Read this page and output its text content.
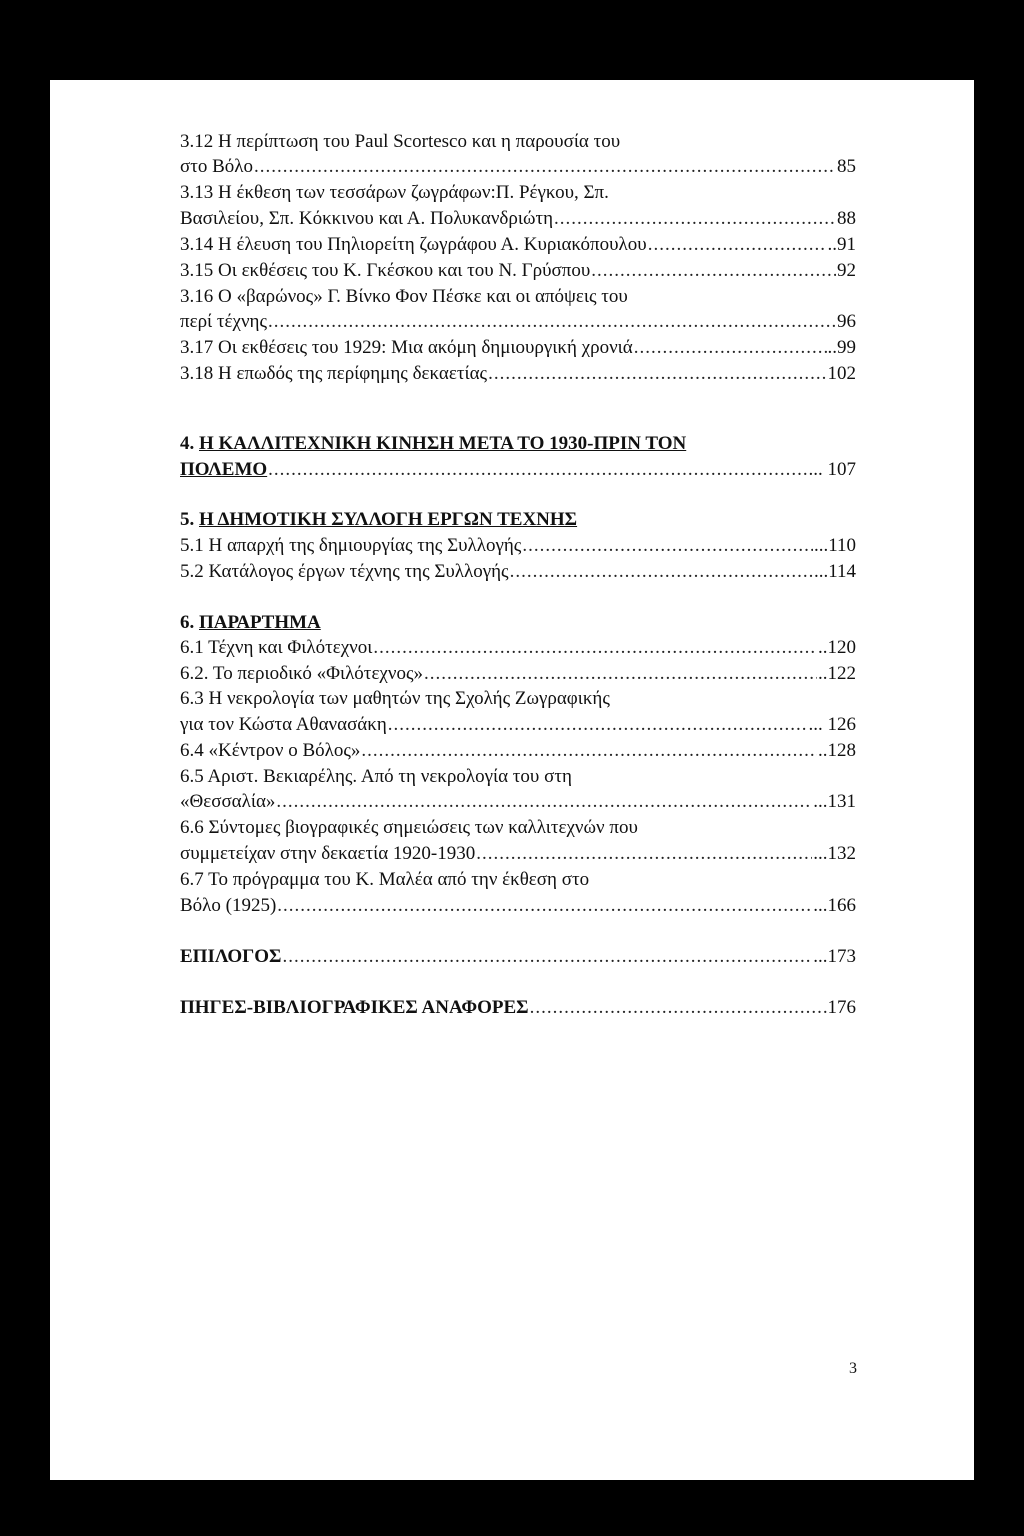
3.12 Η περίπτωση του Paul Scortesco και η παρουσία του
στο Βόλο .....	85
3.13 Η έκθεση των τεσσάρων ζωγράφων:Π. Ρέγκου, Σπ.
Βασιλείου, Σπ. Κόκκινου και Α. Πολυκανδριώτη .....	88
3.14 Η έλευση του Πηλιορείτη ζωγράφου Α. Κυριακόπουλου .....	..91
3.15 Οι εκθέσεις του Κ. Γκέσκου και του Ν. Γρύσπου .....	92
3.16 Ο «βαρώνος» Γ. Βίνκο Φον Πέσκε και οι απόψεις του
περί τέχνης .....	96
3.17 Οι εκθέσεις του 1929: Μια ακόμη δημιουργική χρονιά .....	..99
3.18 Η επωδός της περίφημης δεκαετίας .....	102
4. Η ΚΑΛΛΙΤΕΧΝΙΚΗ ΚΙΝΗΣΗ ΜΕΤΑ ΤΟ 1930-ΠΡΙΝ ΤΟΝ
ΠΟΛΕΜΟ .....	... 107
5. Η ΔΗΜΟΤΙΚΗ ΣΥΛΛΟΓΗ ΕΡΓΩΝ ΤΕΧΝΗΣ
5.1 Η απαρχή της δημιουργίας της Συλλογής .....	...110
5.2 Κατάλογος έργων τέχνης της Συλλογής .....	...114
6. ΠΑΡΑΡΤΗΜΑ
6.1 Τέχνη και Φιλότεχνοι .....	..120
6.2. Το περιοδικό «Φιλότεχνος» .....	..122
6.3 Η νεκρολογία των μαθητών της Σχολής Ζωγραφικής
για τον Κώστα Αθανασάκη .....	... 126
6.4 «Κέντρον ο Βόλος» .....	..128
6.5 Αριστ. Βεκιαρέλης. Από τη νεκρολογία του στη
«Θεσσαλία» .....	...131
6.6 Σύντομες βιογραφικές σημειώσεις των καλλιτεχνών που
συμμετείχαν στην δεκαετία 1920-1930 .....	...132
6.7 Το πρόγραμμα του Κ. Μαλέα από την έκθεση στο
Βόλο (1925) .....	...166
ΕΠΙΛΟΓΟΣ .....	...173
ΠΗΓΕΣ-ΒΙΒΛΙΟΓΡΑΦΙΚΕΣ ΑΝΑΦΟΡΕΣ .....	176
3
